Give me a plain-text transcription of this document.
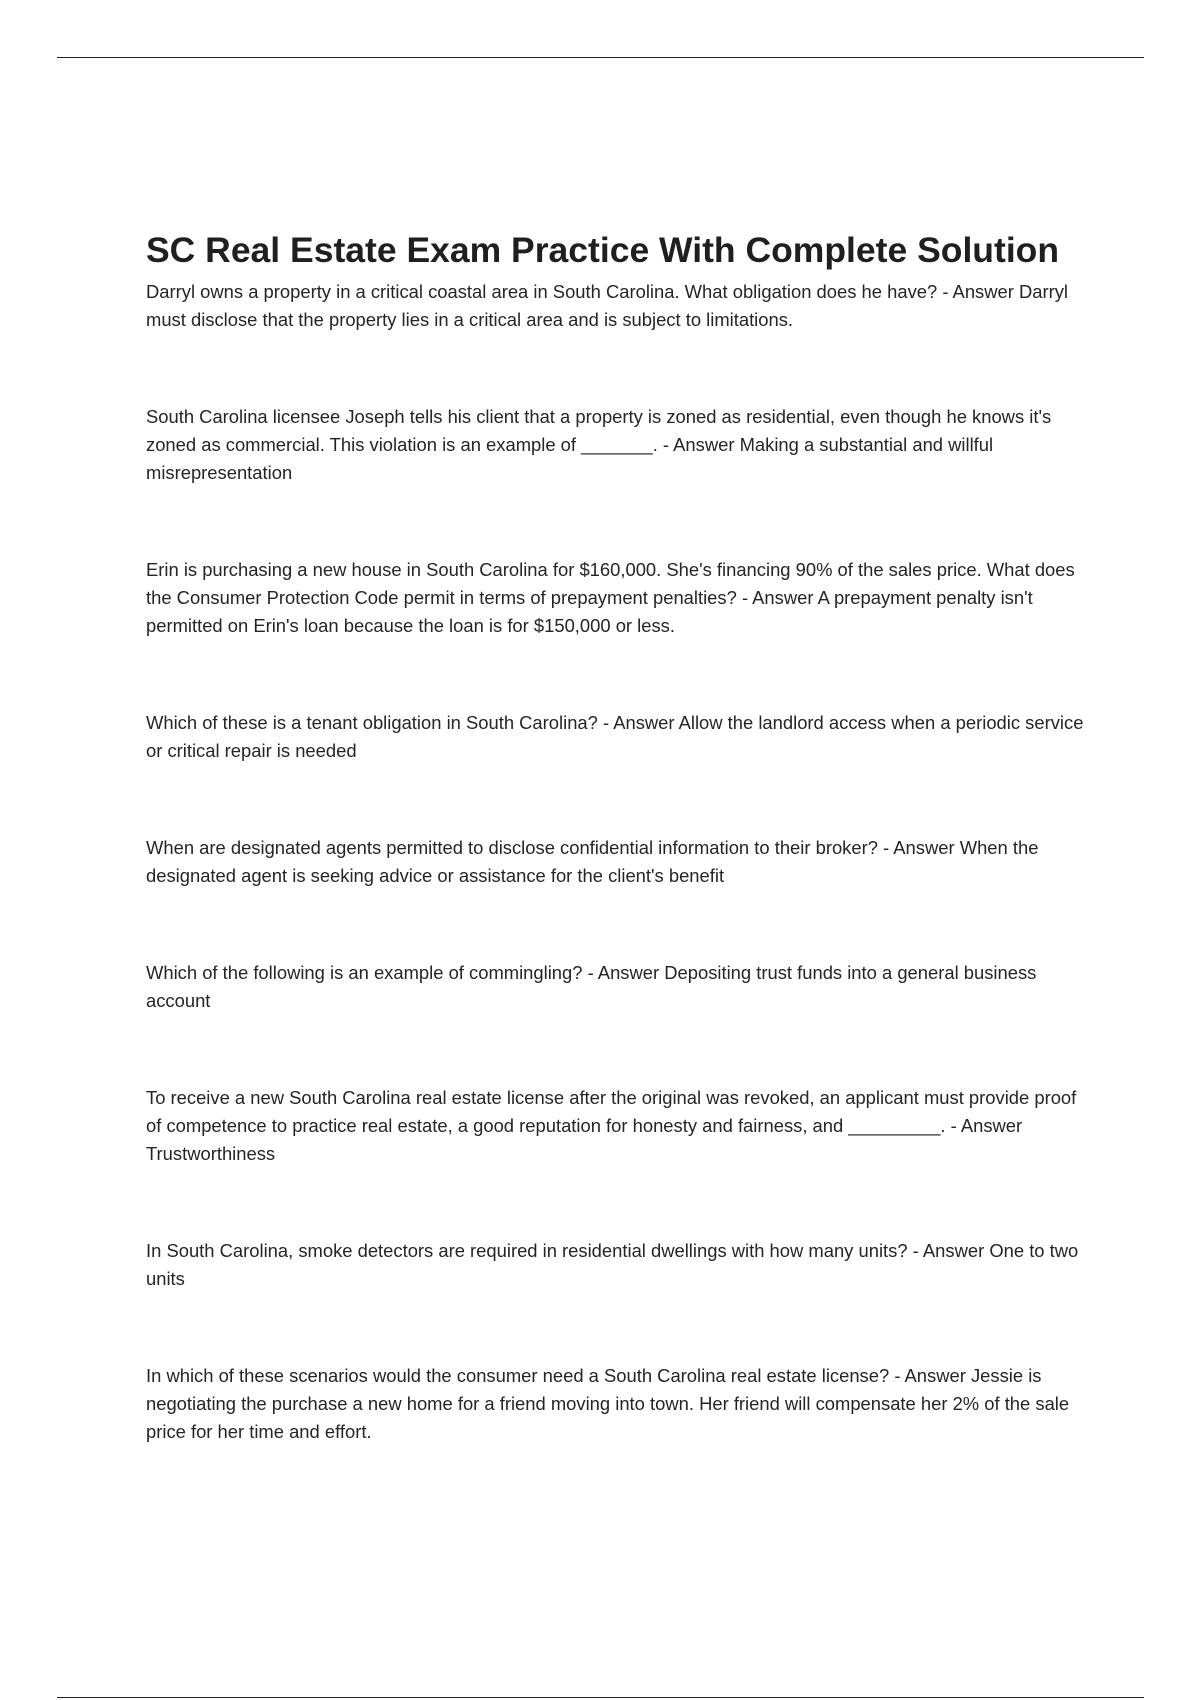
SC Real Estate Exam Practice With Complete Solution
Darryl owns a property in a critical coastal area in South Carolina. What obligation does he have? - Answer Darryl must disclose that the property lies in a critical area and is subject to limitations.
South Carolina licensee Joseph tells his client that a property is zoned as residential, even though he knows it's zoned as commercial. This violation is an example of _______. - Answer Making a substantial and willful misrepresentation
Erin is purchasing a new house in South Carolina for $160,000. She's financing 90% of the sales price. What does the Consumer Protection Code permit in terms of prepayment penalties? - Answer A prepayment penalty isn't permitted on Erin's loan because the loan is for $150,000 or less.
Which of these is a tenant obligation in South Carolina? - Answer Allow the landlord access when a periodic service or critical repair is needed
When are designated agents permitted to disclose confidential information to their broker? - Answer When the designated agent is seeking advice or assistance for the client's benefit
Which of the following is an example of commingling? - Answer Depositing trust funds into a general business account
To receive a new South Carolina real estate license after the original was revoked, an applicant must provide proof of competence to practice real estate, a good reputation for honesty and fairness, and _________. - Answer Trustworthiness
In South Carolina, smoke detectors are required in residential dwellings with how many units? - Answer One to two units
In which of these scenarios would the consumer need a South Carolina real estate license? - Answer Jessie is negotiating the purchase a new home for a friend moving into town. Her friend will compensate her 2% of the sale price for her time and effort.
